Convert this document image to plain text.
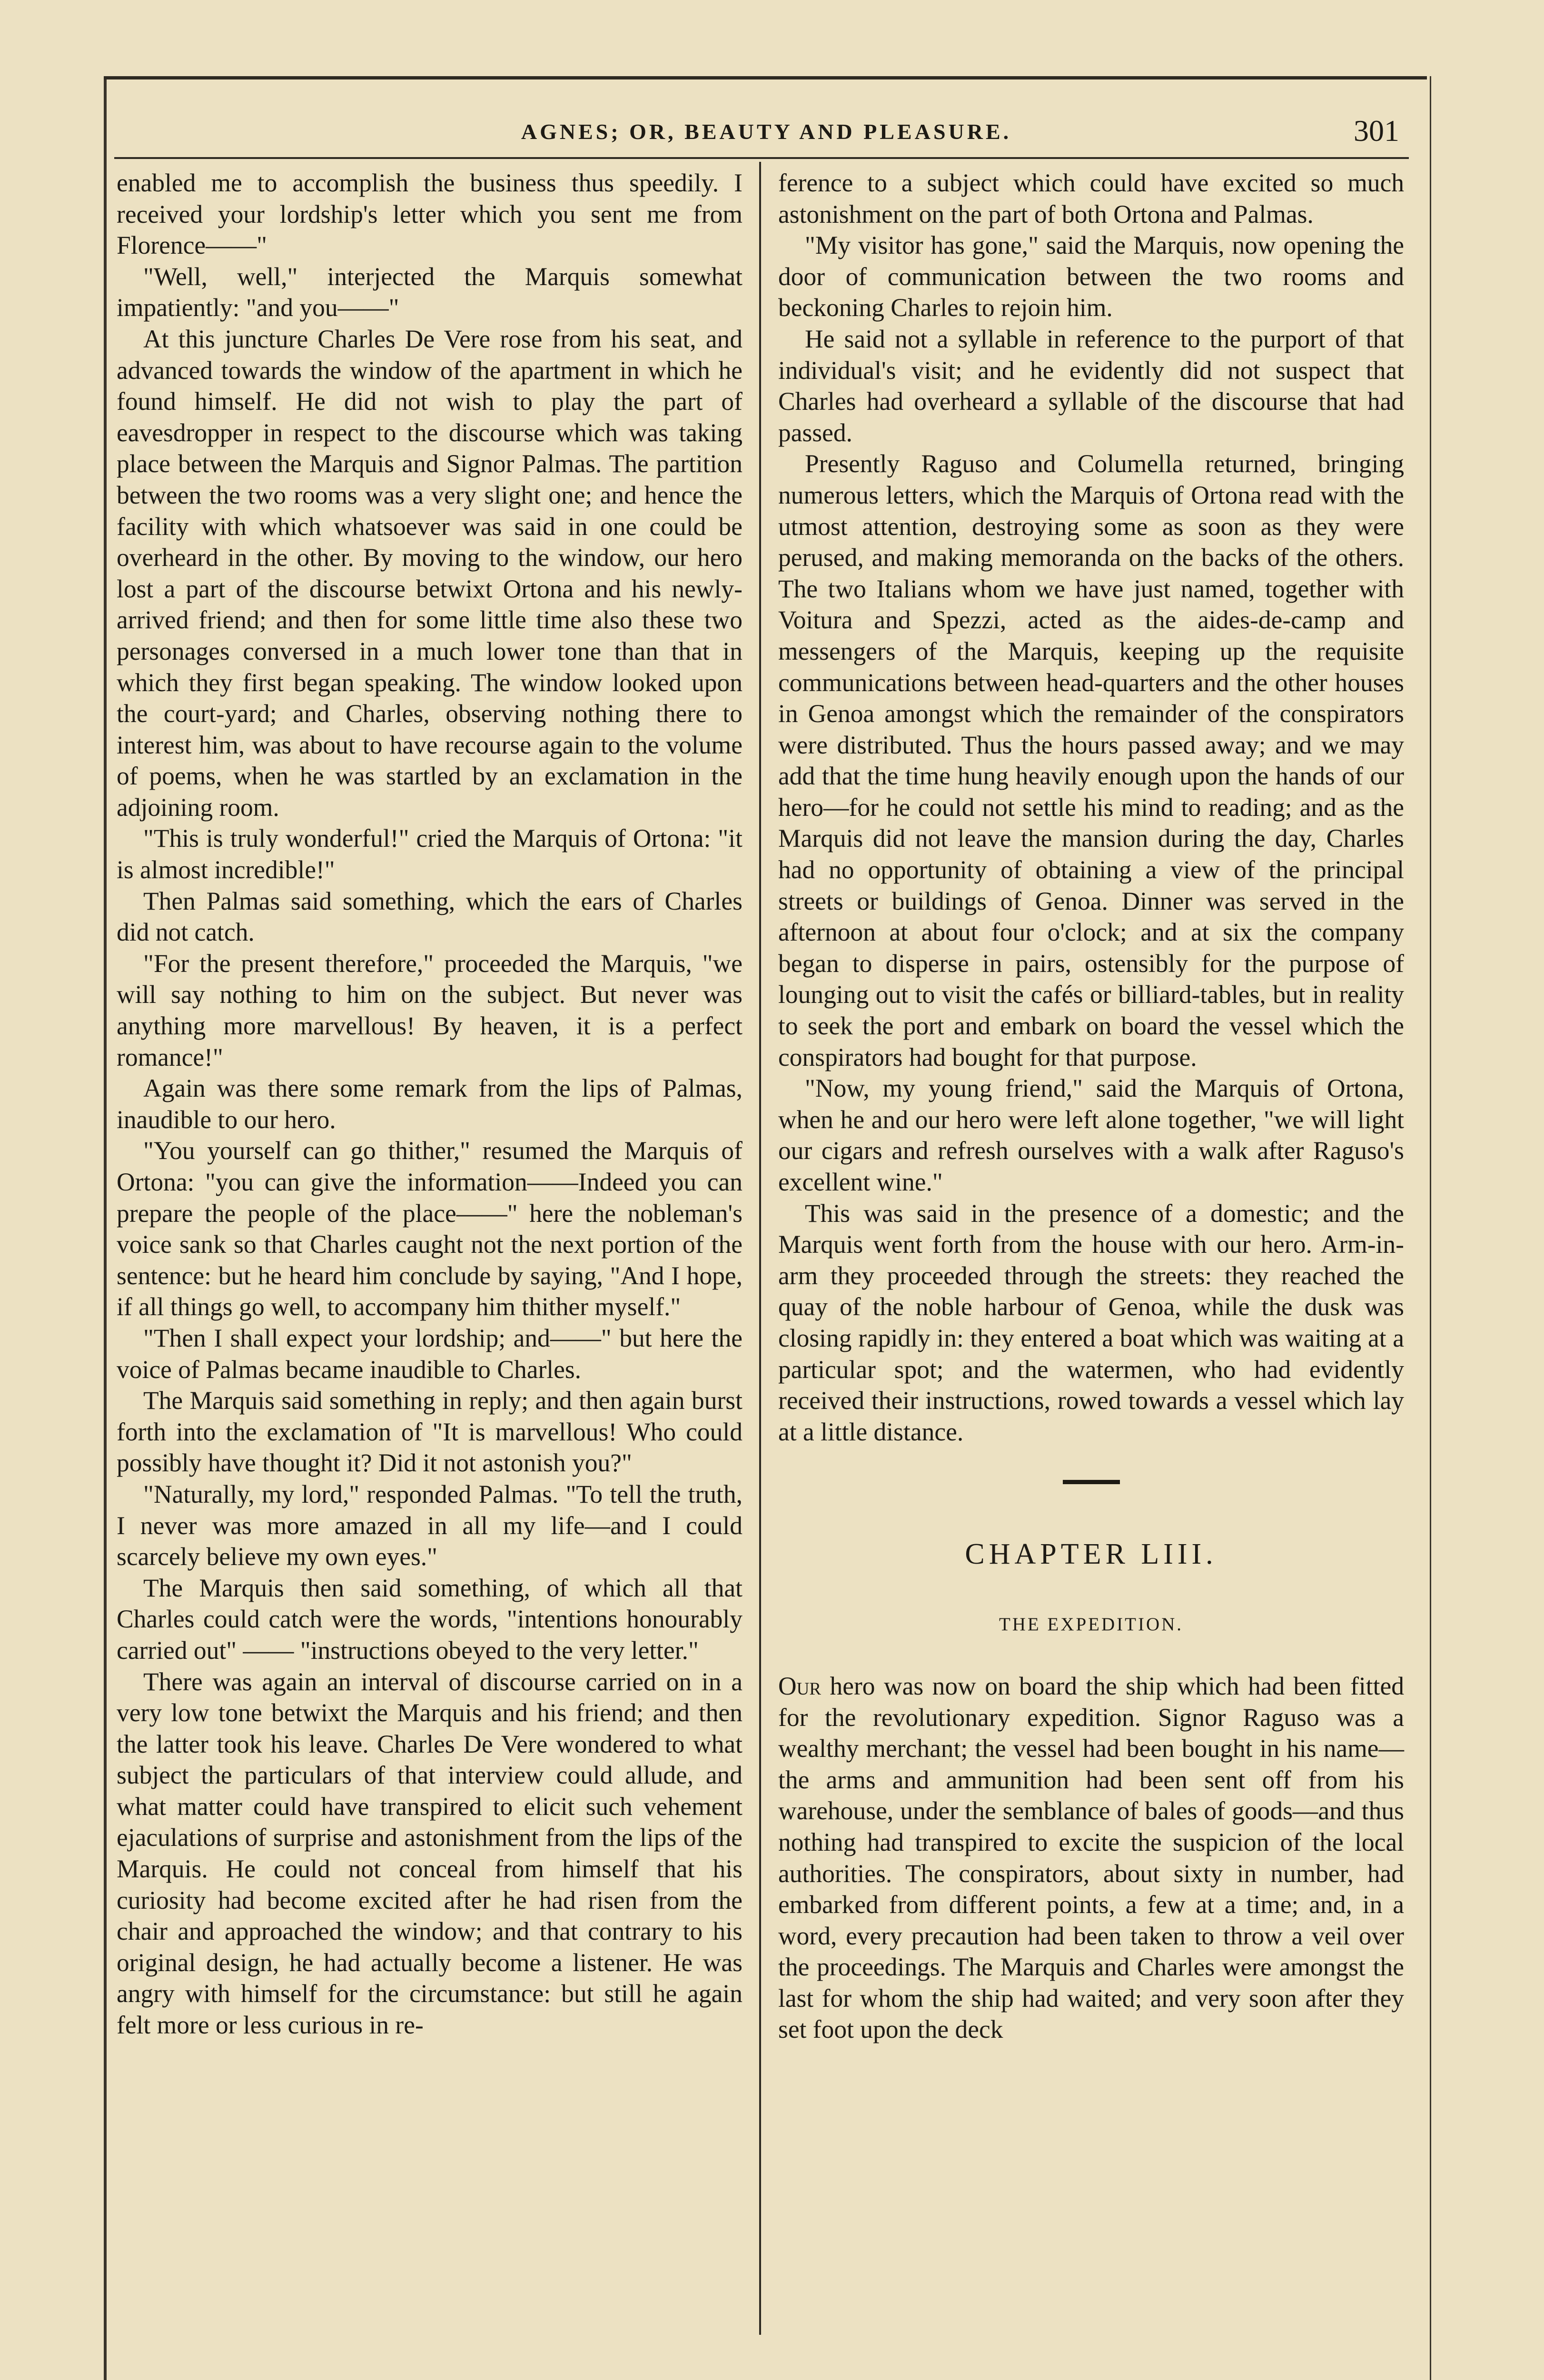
AGNES; OR, BEAUTY AND PLEASURE.	301

enabled me to accomplish the business thus speedily. I received your lordship's letter which you sent me from Florence——"

"Well, well," interjected the Marquis somewhat impatiently: "and you——"

At this juncture Charles De Vere rose from his seat, and advanced towards the window of the apartment in which he found himself. He did not wish to play the part of eavesdropper in respect to the discourse which was taking place between the Marquis and Signor Palmas. The partition between the two rooms was a very slight one; and hence the facility with which whatsoever was said in one could be overheard in the other. By moving to the window, our hero lost a part of the discourse betwixt Ortona and his newly-arrived friend; and then for some little time also these two personages conversed in a much lower tone than that in which they first began speaking. The window looked upon the court-yard; and Charles, observing nothing there to interest him, was about to have recourse again to the volume of poems, when he was startled by an exclamation in the adjoining room.

"This is truly wonderful!" cried the Marquis of Ortona: "it is almost incredible!"

Then Palmas said something, which the ears of Charles did not catch.

"For the present therefore," proceeded the Marquis, "we will say nothing to him on the subject. But never was anything more marvellous! By heaven, it is a perfect romance!"

Again was there some remark from the lips of Palmas, inaudible to our hero.

"You yourself can go thither," resumed the Marquis of Ortona: "you can give the information——Indeed you can prepare the people of the place——" here the nobleman's voice sank so that Charles caught not the next portion of the sentence: but he heard him conclude by saying, "And I hope, if all things go well, to accompany him thither myself."

"Then I shall expect your lordship; and——" but here the voice of Palmas became inaudible to Charles.

The Marquis said something in reply; and then again burst forth into the exclamation of "It is marvellous! Who could possibly have thought it? Did it not astonish you?"

"Naturally, my lord," responded Palmas. "To tell the truth, I never was more amazed in all my life—and I could scarcely believe my own eyes."

The Marquis then said something, of which all that Charles could catch were the words, "intentions honourably carried out" —— "instructions obeyed to the very letter."

There was again an interval of discourse carried on in a very low tone betwixt the Marquis and his friend; and then the latter took his leave. Charles De Vere wondered to what subject the particulars of that interview could allude, and what matter could have transpired to elicit such vehement ejaculations of surprise and astonishment from the lips of the Marquis. He could not conceal from himself that his curiosity had become excited after he had risen from the chair and approached the window; and that contrary to his original design, he had actually become a listener. He was angry with himself for the circumstance: but still he again felt more or less curious in re-

ference to a subject which could have excited so much astonishment on the part of both Ortona and Palmas.

"My visitor has gone," said the Marquis, now opening the door of communication between the two rooms and beckoning Charles to rejoin him.

He said not a syllable in reference to the purport of that individual's visit; and he evidently did not suspect that Charles had overheard a syllable of the discourse that had passed.

Presently Raguso and Columella returned, bringing numerous letters, which the Marquis of Ortona read with the utmost attention, destroying some as soon as they were perused, and making memoranda on the backs of the others. The two Italians whom we have just named, together with Voitura and Spezzi, acted as the aides-de-camp and messengers of the Marquis, keeping up the requisite communications between head-quarters and the other houses in Genoa amongst which the remainder of the conspirators were distributed. Thus the hours passed away; and we may add that the time hung heavily enough upon the hands of our hero—for he could not settle his mind to reading; and as the Marquis did not leave the mansion during the day, Charles had no opportunity of obtaining a view of the principal streets or buildings of Genoa. Dinner was served in the afternoon at about four o'clock; and at six the company began to disperse in pairs, ostensibly for the purpose of lounging out to visit the cafés or billiard-tables, but in reality to seek the port and embark on board the vessel which the conspirators had bought for that purpose.

"Now, my young friend," said the Marquis of Ortona, when he and our hero were left alone together, "we will light our cigars and refresh ourselves with a walk after Raguso's excellent wine."

This was said in the presence of a domestic; and the Marquis went forth from the house with our hero. Arm-in-arm they proceeded through the streets: they reached the quay of the noble harbour of Genoa, while the dusk was closing rapidly in: they entered a boat which was waiting at a particular spot; and the watermen, who had evidently received their instructions, rowed towards a vessel which lay at a little distance.

CHAPTER LIII.
THE EXPEDITION.

Our hero was now on board the ship which had been fitted for the revolutionary expedition. Signor Raguso was a wealthy merchant; the vessel had been bought in his name—the arms and ammunition had been sent off from his warehouse, under the semblance of bales of goods—and thus nothing had transpired to excite the suspicion of the local authorities. The conspirators, about sixty in number, had embarked from different points, a few at a time; and, in a word, every precaution had been taken to throw a veil over the proceedings. The Marquis and Charles were amongst the last for whom the ship had waited; and very soon after they set foot upon the deck
